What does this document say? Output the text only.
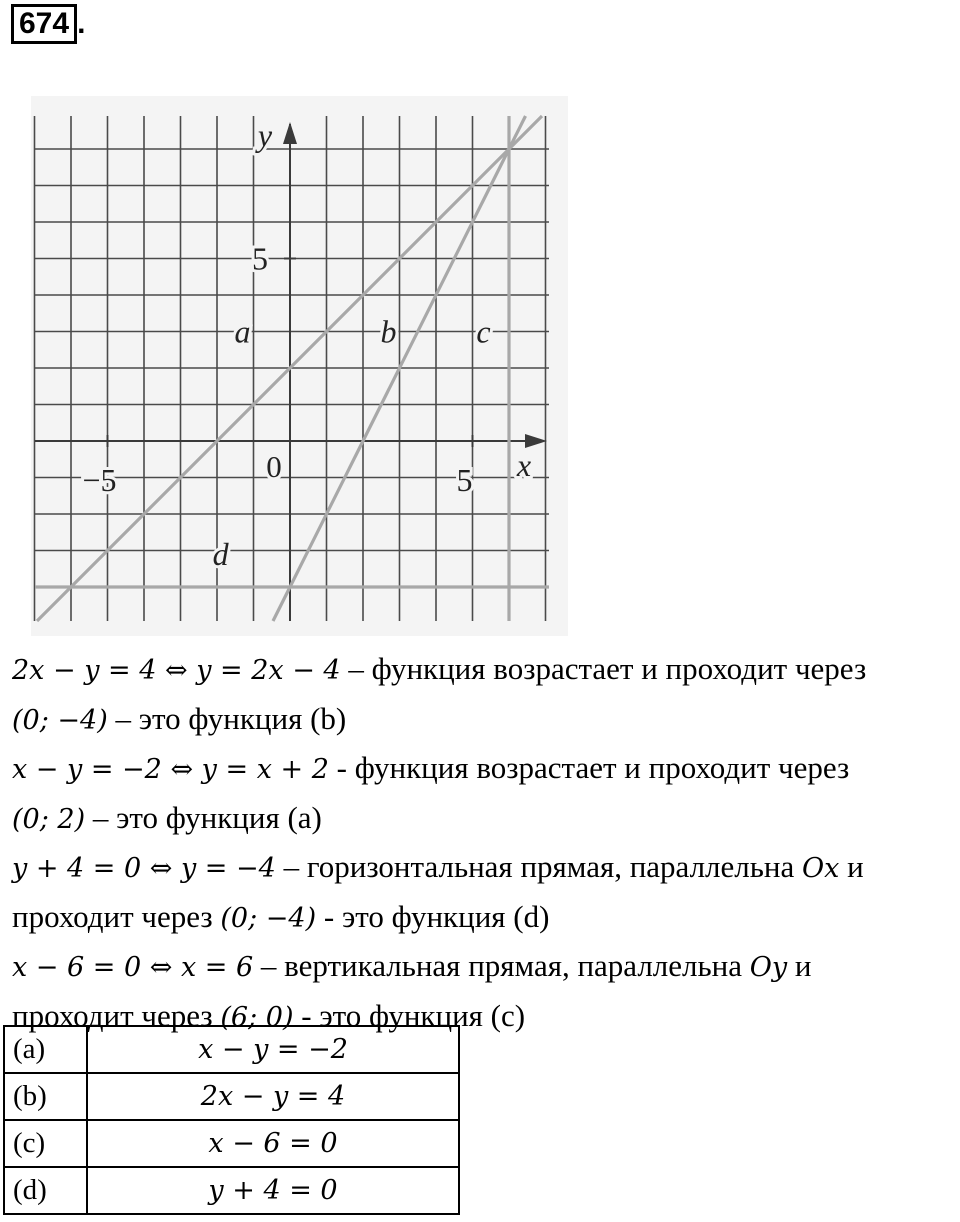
674 .
a	b c
d
x
y
0
−5	5
5
2x − y = 4 ⇔ y = 2x − 4 – функция возрастает и проходит через
(0; −4) – это функция (b)
x − y = −2 ⇔ y = x + 2 - функция возрастает и проходит через
(0; 2) – это функция (a)
y + 4 = 0 ⇔ y = −4 – горизонтальная прямая, параллельна Ox и
проходит через (0; −4) - это функция (d)
x − 6 = 0 ⇔ x = 6 – вертикальная прямая, параллельна Oy и
проходит через (6; 0) - это функция (c)
(a)	x − y = −2
(b)	2x − y = 4
(c)	x − 6 = 0
(d)	y + 4 = 0
